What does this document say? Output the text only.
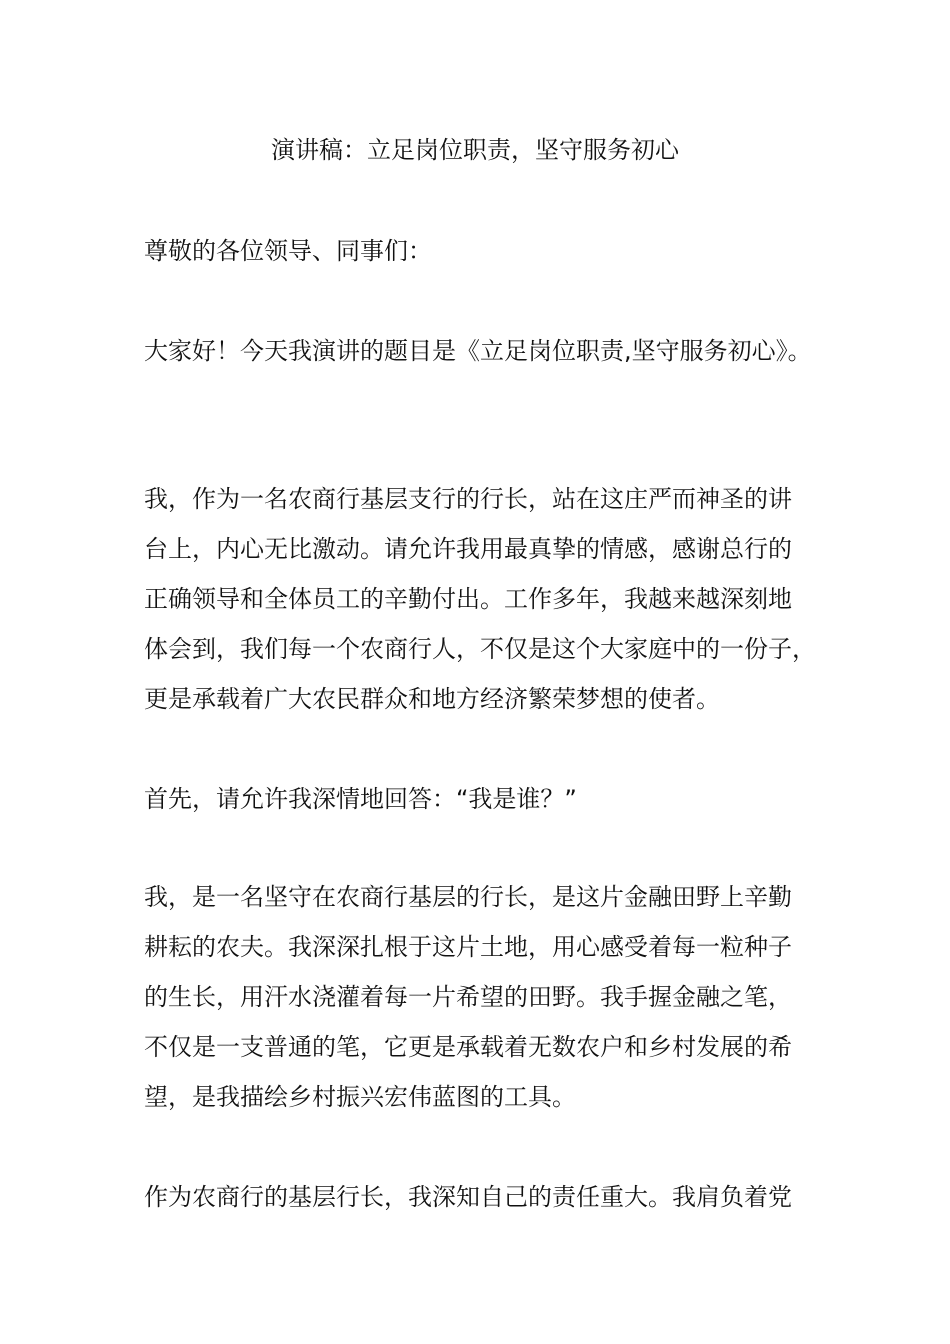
演讲稿：立足岗位职责，坚守服务初心

尊敬的各位领导、同事们：

大家好！今天我演讲的题目是《立足岗位职责,坚守服务初心》。

我，作为一名农商行基层支行的行长，站在这庄严而神圣的讲
台上，内心无比激动。请允许我用最真挚的情感，感谢总行的
正确领导和全体员工的辛勤付出。工作多年，我越来越深刻地
体会到，我们每一个农商行人，不仅是这个大家庭中的一份子，
更是承载着广大农民群众和地方经济繁荣梦想的使者。

首先，请允许我深情地回答：“我是谁？”

我，是一名坚守在农商行基层的行长，是这片金融田野上辛勤
耕耘的农夫。我深深扎根于这片土地，用心感受着每一粒种子
的生长，用汗水浇灌着每一片希望的田野。我手握金融之笔，
不仅是一支普通的笔，它更是承载着无数农户和乡村发展的希
望，是我描绘乡村振兴宏伟蓝图的工具。

作为农商行的基层行长，我深知自己的责任重大。我肩负着党
